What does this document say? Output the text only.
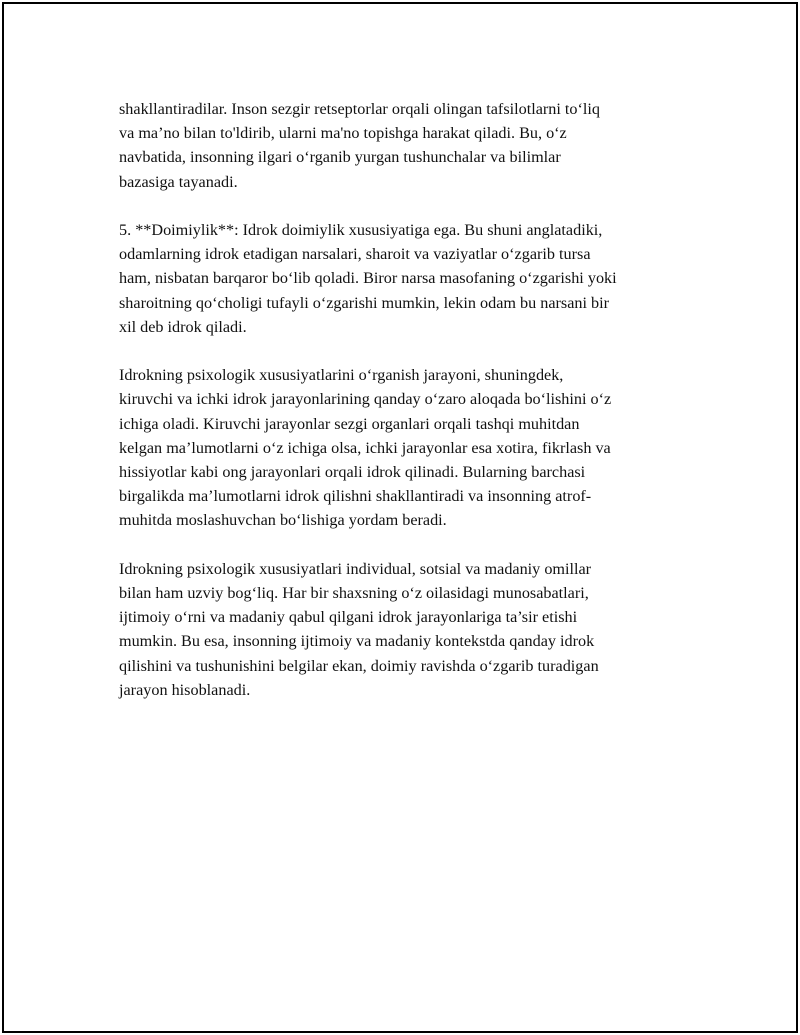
shakllantiradilar. Inson sezgir retseptorlar orqali olingan tafsilotlarni to‘liq
va ma’no bilan to'ldirib, ularni ma'no topishga harakat qiladi. Bu, o‘z
navbatida, insonning ilgari o‘rganib yurgan tushunchalar va bilimlar
bazasiga tayanadi.

5. **Doimiylik**: Idrok doimiylik xususiyatiga ega. Bu shuni anglatadiki,
odamlarning idrok etadigan narsalari, sharoit va vaziyatlar o‘zgarib tursa
ham, nisbatan barqaror bo‘lib qoladi. Biror narsa masofaning o‘zgarishi yoki
sharoitning qo‘choligi tufayli o‘zgarishi mumkin, lekin odam bu narsani bir
xil deb idrok qiladi.

Idrokning psixologik xususiyatlarini o‘rganish jarayoni, shuningdek,
kiruvchi va ichki idrok jarayonlarining qanday o‘zaro aloqada bo‘lishini o‘z
ichiga oladi. Kiruvchi jarayonlar sezgi organlari orqali tashqi muhitdan
kelgan ma’lumotlarni o‘z ichiga olsa, ichki jarayonlar esa xotira, fikrlash va
hissiyotlar kabi ong jarayonlari orqali idrok qilinadi. Bularning barchasi
birgalikda ma’lumotlarni idrok qilishni shakllantiradi va insonning atrof-
muhitda moslashuvchan bo‘lishiga yordam beradi.

Idrokning psixologik xususiyatlari individual, sotsial va madaniy omillar
bilan ham uzviy bog‘liq. Har bir shaxsning o‘z oilasidagi munosabatlari,
ijtimoiy o‘rni va madaniy qabul qilgani idrok jarayonlariga ta’sir etishi
mumkin. Bu esa, insonning ijtimoiy va madaniy kontekstda qanday idrok
qilishini va tushunishini belgilar ekan, doimiy ravishda o‘zgarib turadigan
jarayon hisoblanadi.
